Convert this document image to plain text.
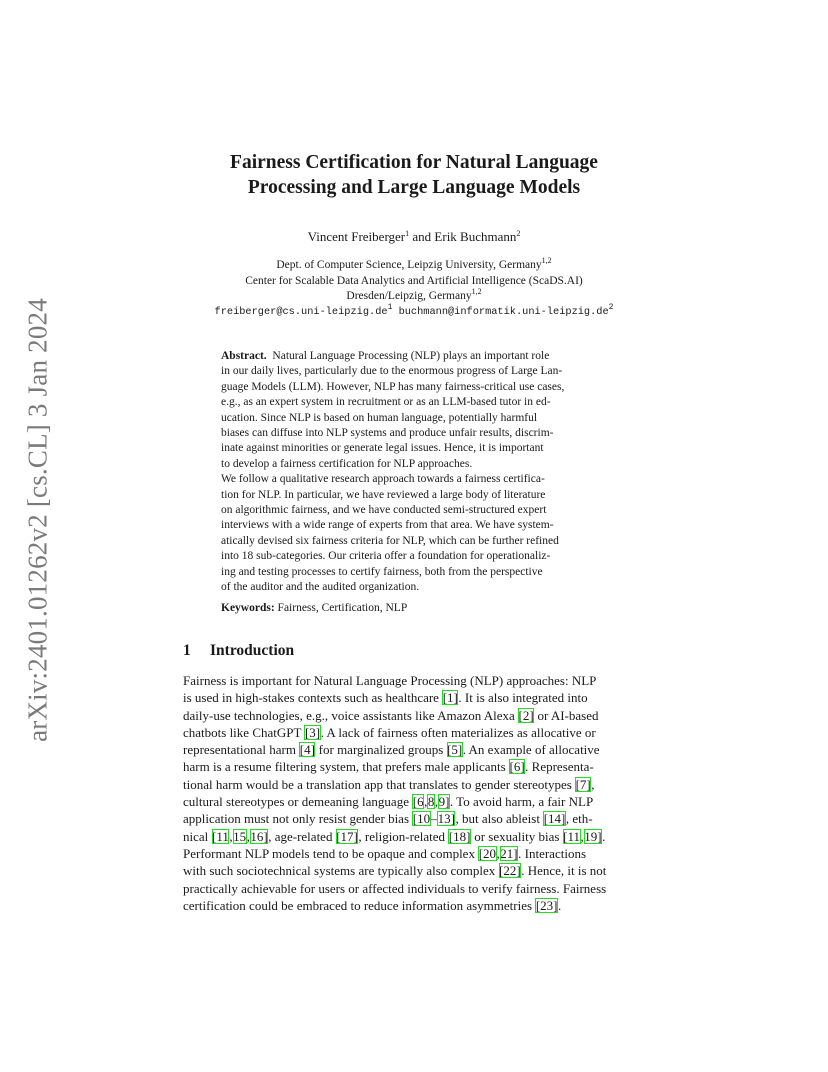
arXiv:2401.01262v2 [cs.CL] 3 Jan 2024
Fairness Certification for Natural Language
Processing and Large Language Models
Vincent Freiberger$^1$ and Erik Buchmann$^2$
Dept. of Computer Science, Leipzig University, Germany$^{1,2}$
Center for Scalable Data Analytics and Artificial Intelligence (ScaDS.AI)
Dresden/Leipzig, Germany$^{1,2}$
$freiberger@cs.uni-leipzig.de^1$ $buchmann@informatik.uni-leipzig.de^2$
Abstract. Natural Language Processing (NLP) plays an important role
in our daily lives, particularly due to the enormous progress of Large Lan-
guage Models (LLM). However, NLP has many fairness-critical use cases,
e.g., as an expert system in recruitment or as an LLM-based tutor in ed-
ucation. Since NLP is based on human language, potentially harmful
biases can diffuse into NLP systems and produce unfair results, discrim-
inate against minorities or generate legal issues. Hence, it is important
to develop a fairness certification for NLP approaches.
We follow a qualitative research approach towards a fairness certifica-
tion for NLP. In particular, we have reviewed a large body of literature
on algorithmic fairness, and we have conducted semi-structured expert
interviews with a wide range of experts from that area. We have system-
atically devised six fairness criteria for NLP, which can be further refined
into 18 sub-categories. Our criteria offer a foundation for operationaliz-
ing and testing processes to certify fairness, both from the perspective
of the auditor and the audited organization.
Keywords: Fairness, Certification, NLP
1 Introduction
Fairness is important for Natural Language Processing (NLP) approaches: NLP
is used in high-stakes contexts such as healthcare [1]. It is also integrated into
daily-use technologies, e.g., voice assistants like Amazon Alexa [2] or AI-based
chatbots like ChatGPT [3]. A lack of fairness often materializes as allocative or
representational harm [4] for marginalized groups [5]. An example of allocative
harm is a resume filtering system, that prefers male applicants [6]. Representa-
tional harm would be a translation app that translates to gender stereotypes [7],
cultural stereotypes or demeaning language [6,8,9]. To avoid harm, a fair NLP
application must not only resist gender bias [10–13], but also ableist [14], eth-
nical [11,15,16], age-related [17], religion-related [18] or sexuality bias [11,19].
Performant NLP models tend to be opaque and complex [20,21]. Interactions
with such sociotechnical systems are typically also complex [22]. Hence, it is not
practically achievable for users or affected individuals to verify fairness. Fairness
certification could be embraced to reduce information asymmetries [23].
